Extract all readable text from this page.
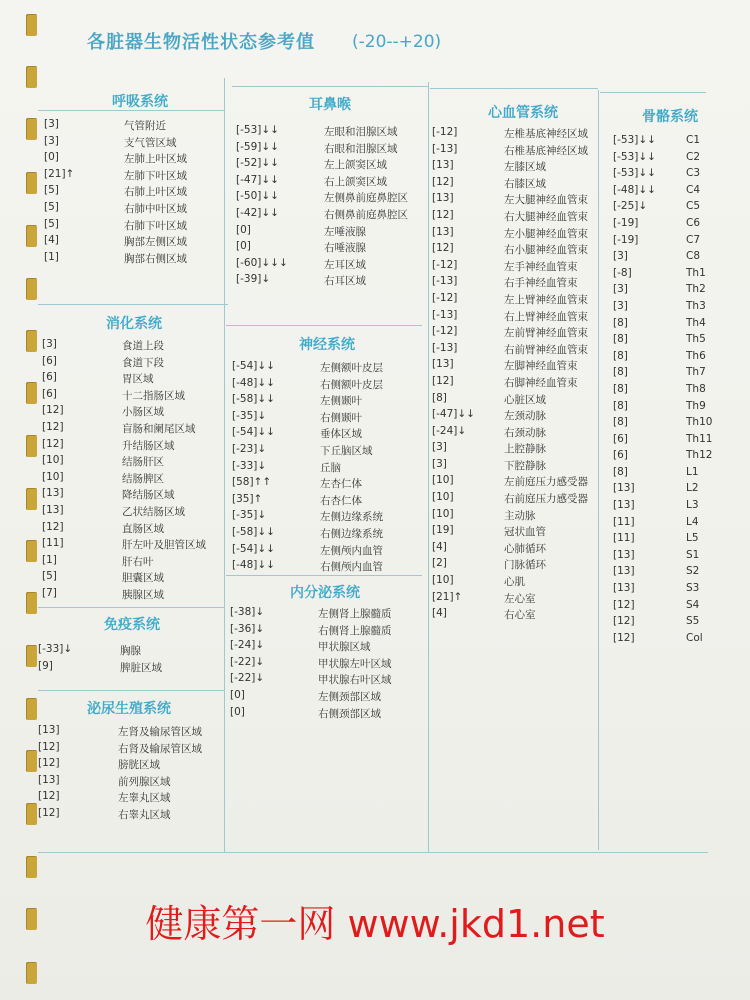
各脏器生物活性状态参考值 (-20--+20)
呼吸系统
消化系统
免疫系统
泌尿生殖系统
耳鼻喉
神经系统
内分泌系统
心血管系统	骨骼系统
[3]	气管附近
[3]	支气管区域
[0]	左肺上叶区域
[21]↑	左肺下叶区域
[5]	右肺上叶区域
[5]	右肺中叶区域
[5]	右肺下叶区域
[4]	胸部左侧区域
[1]	胸部右侧区域
[3]	食道上段
[6]	食道下段
[6]	胃区域
[6]	十二指肠区域
[12]	小肠区域
[12]	盲肠和阑尾区域
[12]	升结肠区域
[10]	结肠肝区
[10]	结肠脾区
[13]	降结肠区域
[13]	乙状结肠区域
[12]	直肠区域
[11]	肝左叶及胆管区域
[1]	肝右叶
[5]	胆囊区域
[7]	胰腺区域
[-33]↓	胸腺
[9]	脾脏区域
[13]	左肾及输尿管区域
[12]	右肾及输尿管区域
[12]	膀胱区域
[13]	前列腺区域
[12]	左睾丸区域
[12]	右睾丸区域
[-53]↓↓	左眼和泪腺区域
[-59]↓↓	右眼和泪腺区域
[-52]↓↓	左上颌窦区域
[-47]↓↓	右上颌窦区域
[-50]↓↓	左侧鼻前庭鼻腔区
[-42]↓↓	右侧鼻前庭鼻腔区
[0]	左唾液腺
[0]	右唾液腺
[-60]↓↓↓	左耳区域
[-39]↓	右耳区域
[-54]↓↓	左侧额叶皮层
[-48]↓↓	右侧额叶皮层
[-58]↓↓	左侧颞叶
[-35]↓	右侧颞叶
[-54]↓↓	垂体区域
[-23]↓	下丘脑区域
[-33]↓	丘脑
[58]↑↑	左杏仁体
[35]↑	右杏仁体
[-35]↓	左侧边缘系统
[-58]↓↓	右侧边缘系统
[-54]↓↓	左侧颅内血管
[-48]↓↓	右侧颅内血管
[-38]↓	左侧肾上腺髓质
[-36]↓	右侧肾上腺髓质
[-24]↓	甲状腺区域
[-22]↓	甲状腺左叶区域
[-22]↓	甲状腺右叶区域
[0]	左侧颈部区域
[0]	右侧颈部区域
[-12]	左椎基底神经区域
[-13]	右椎基底神经区域
[13]	左膝区域
[12]	右膝区域
[13]	左大腿神经血管束
[12]	右大腿神经血管束
[13]	左小腿神经血管束
[12]	右小腿神经血管束
[-12]	左手神经血管束
[-13]	右手神经血管束
[-12]	左上臂神经血管束
[-13]	右上臂神经血管束
[-12]	左前臂神经血管束
[-13]	右前臂神经血管束
[13]	左脚神经血管束
[12]	右脚神经血管束
[8]	心脏区域
[-47]↓↓	左颈动脉
[-24]↓	右颈动脉
[3]	上腔静脉
[3]	下腔静脉
[10]	左前庭压力感受器
[10]	右前庭压力感受器
[10]	主动脉
[19]	冠状血管
[4]	心肺循环
[2]	门脉循环
[10]	心肌
[21]↑	左心室
[4]	右心室
[-53]↓↓	C1
[-53]↓↓	C2
[-53]↓↓	C3
[-48]↓↓	C4
[-25]↓	C5
[-19]	C6
[-19]	C7
[3]	C8
[-8]	Th1
[3]	Th2
[3]	Th3
[8]	Th4
[8]	Th5
[8]	Th6
[8]	Th7
[8]	Th8
[8]	Th9
[8]	Th10
[6]	Th11
[6]	Th12
[8]	L1
[13]	L2
[13]	L3
[11]	L4
[11]	L5
[13]	S1
[13]	S2
[13]	S3
[12]	S4
[12]	S5
[12]	Col
健康第一网 www.jkd1.net
